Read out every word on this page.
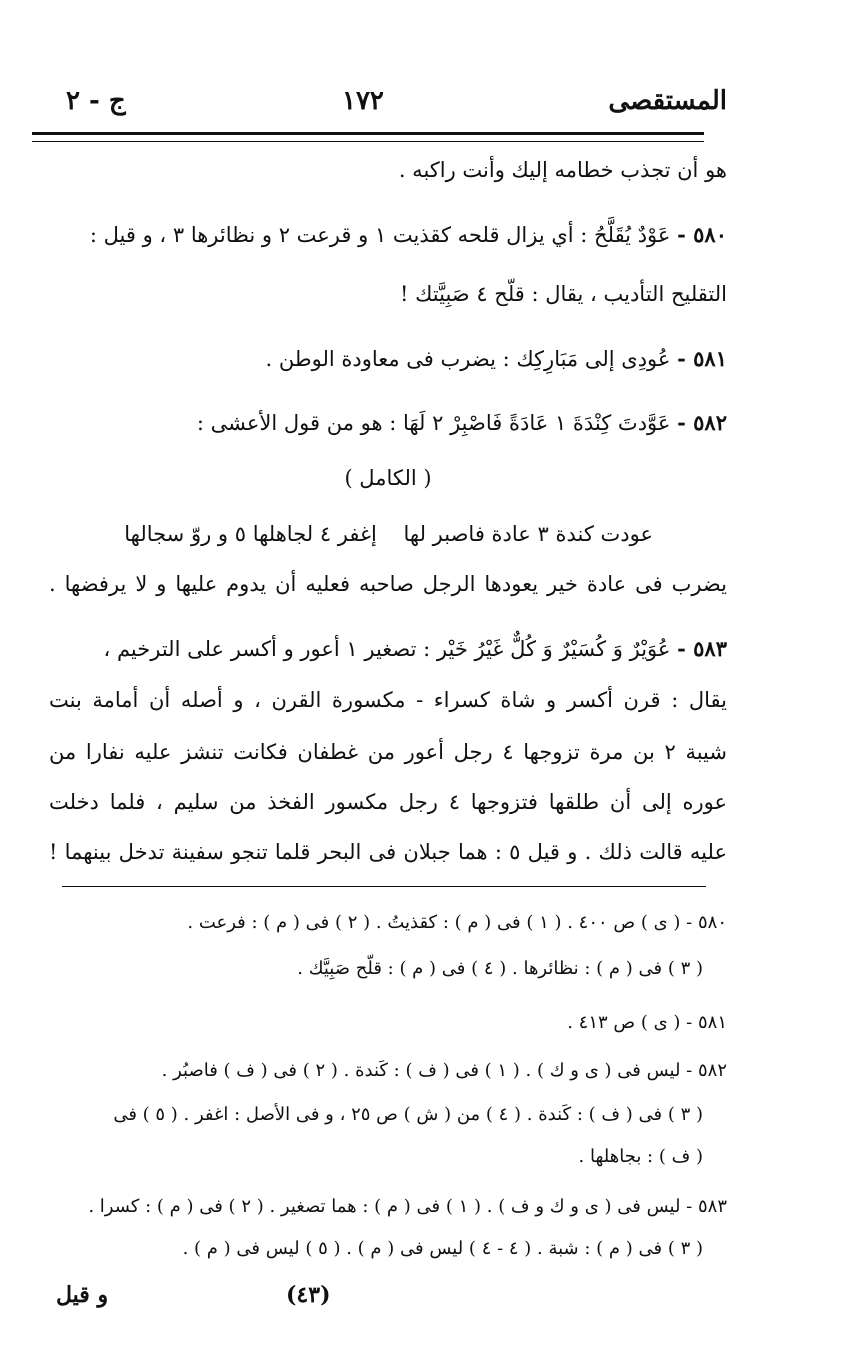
المستقصى
١٧٢
ج - ٢
هو أن تجذب خطامه إليك وأنت راكبه .
٥٨٠ - عَوْدٌ يُقَلَّحُ : أي يزال قلحه كقذيت ١ و قرعت ٢ و نظائرها ٣ ، و قيل :
التقليح التأديب ، يقال : قلّح ٤ صَبِيَّتك !
٥٨١ - عُودِى إلى مَبَارِكِك : يضرب فى معاودة الوطن .
٥٨٢ - عَوَّدتَ كِنْدَةَ ١ عَادَةً فَاصْبِرْ ٢ لَهَا : هو من قول الأعشى :
( الكامل )
عودت كندة ٣ عادة فاصبر لها    إغفر ٤ لجاهلها ٥ و روّ سجالها
يضرب فى عادة خير يعودها الرجل صاحبه فعليه أن يدوم عليها و لا يرفضها .
٥٨٣ - عُوَيْرٌ وَ كُسَيْرٌ وَ كُلٌّ غَيْرُ خَيْر : تصغير ١ أعور و أكسر على الترخيم ،
يقال : قرن أكسر و شاة كسراء - مكسورة القرن ، و أصله أن أمامة بنت
شيبة ٢ بن مرة تزوجها ٤ رجل أعور من غطفان فكانت تنشز عليه نفارا من
عوره إلى أن طلقها فتزوجها ٤ رجل مكسور الفخذ من سليم ، فلما دخلت
عليه قالت ذلك . و قيل ٥ : هما جبلان فى البحر قلما تنجو سفينة تدخل بينهما !
٥٨٠ - ( ى ) ص ٤٠٠ . ( ١ ) فى ( م ) : كقذيتُ . ( ٢ ) فى ( م ) : فرعت .
( ٣ ) فى ( م ) : نظائرها . ( ٤ ) فى ( م ) : قلّح صَبِيَّك .
٥٨١ - ( ى ) ص ٤١٣ .
٥٨٢ - ليس فى ( ى و ك ) . ( ١ ) فى ( ف ) : كَندة . ( ٢ ) فى ( ف ) فاصبُر .
( ٣ ) فى ( ف ) : كَندة . ( ٤ ) من ( ش ) ص ٢٥ ، و فى الأصل : اغفر . ( ٥ ) فى
( ف ) : بجاهلها .
٥٨٣ - ليس فى ( ى و ك و ف ) . ( ١ ) فى ( م ) : هما تصغير . ( ٢ ) فى ( م ) : كسرا .
( ٣ ) فى ( م ) : شبة . ( ٤ - ٤ ) ليس فى ( م ) . ( ٥ ) ليس فى ( م ) .
(٤٣)
و قيل
